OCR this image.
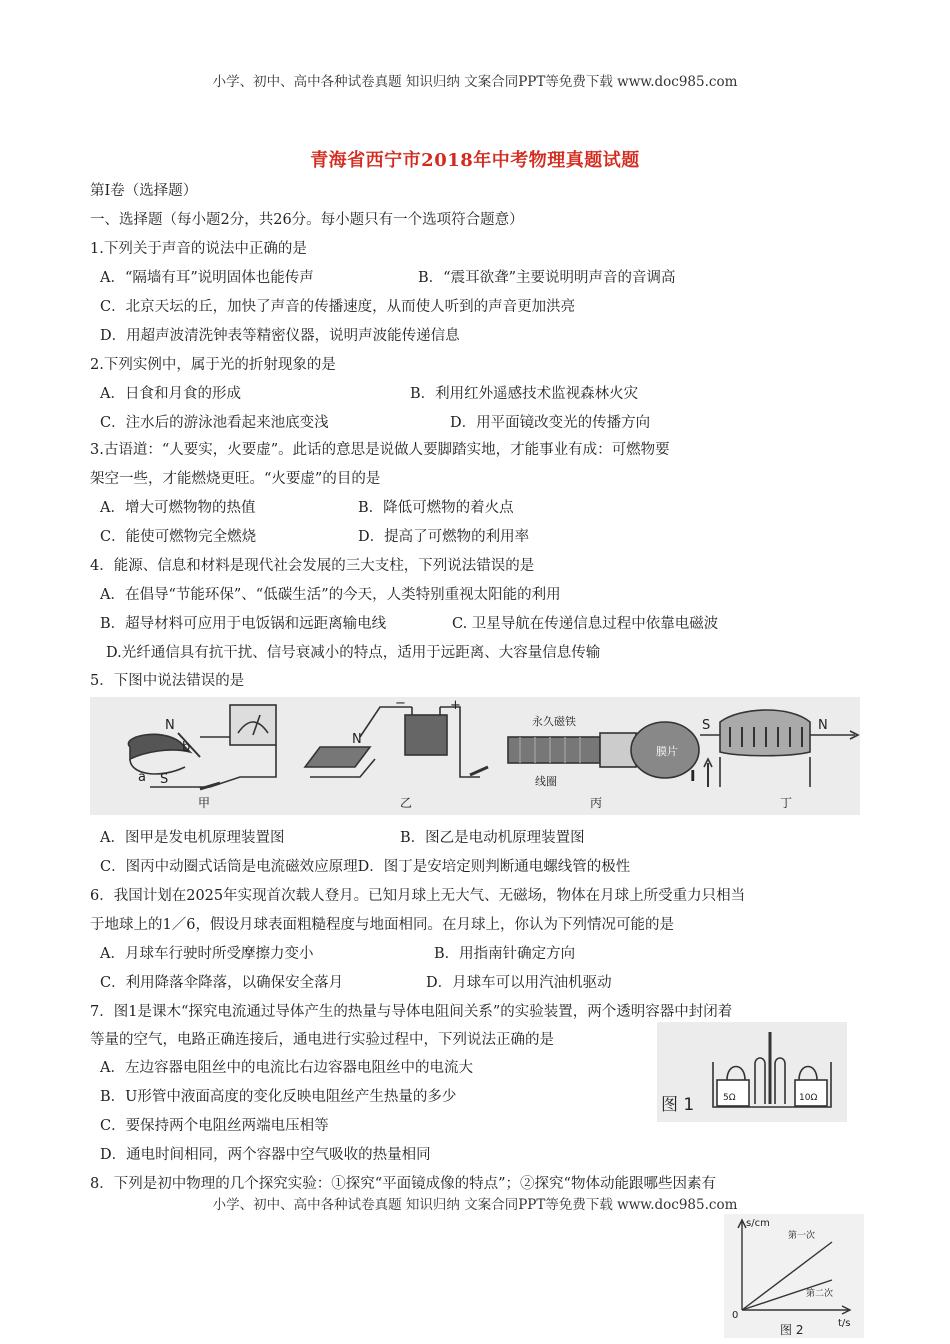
小学、初中、高中各种试卷真题 知识归纳 文案合同PPT等免费下载 www.doc985.com
青海省西宁市2018年中考物理真题试题
第Ⅰ卷（选择题）
一、选择题（每小题2分，共26分。每小题只有一个选项符合题意）
1.下列关于声音的说法中正确的是
A．“隔墙有耳”说明固体也能传声	B．“震耳欲聋”主要说明明声音的音调高
C．北京天坛的丘，加快了声音的传播速度，从而使人听到的声音更加洪亮
D．用超声波清洗钟表等精密仪器，说明声波能传递信息
2.下列实例中，属于光的折射现象的是
A．日食和月食的形成	B．利用红外遥感技术监视森林火灾
C．注水后的游泳池看起来池底变浅	D．用平面镜改变光的传播方向
3.古语道：“人要实，火要虚”。此话的意思是说做人要脚踏实地，才能事业有成：可燃物要
架空一些，才能燃烧更旺。“火要虚”的目的是
A．增大可燃物物的热值	B．降低可燃物的着火点
C．能使可燃物完全燃烧	D．提高了可燃物的利用率
4．能源、信息和材料是现代社会发展的三大支柱，下列说法错误的是
A．在倡导“节能环保”、“低碳生活”的今天，人类特别重视太阳能的利用
B．超导材料可应用于电饭锅和远距离输电线	C. 卫星导航在传递信息过程中依靠电磁波
D.光纤通信具有抗干扰、信号衰减小的特点，适用于远距离、大容量信息传输
5．下图中说法错误的是
N
b
a S
甲
−	+
N
乙
永久磁铁
线圈
膜片
丙
S	N
I
丁
A．图甲是发电机原理装置图	B．图乙是电动机原理装置图
C．图丙中动圈式话筒是电流磁效应原理D．图丁是安培定则判断通电螺线管的极性
6．我国计划在2025年实现首次载人登月。已知月球上无大气、无磁场，物体在月球上所受重力只相当
于地球上的1／6，假设月球表面粗糙程度与地面相同。在月球上，你认为下列情况可能的是
A．月球车行驶时所受摩擦力变小	B．用指南针确定方向
C．利用降落伞降落，以确保安全落月	D．月球车可以用汽油机驱动
7．图1是课木“探究电流通过导体产生的热量与导体电阻间关系”的实验装置，两个透明容器中封闭着
等量的空气，电路正确连接后，通电进行实验过程中，下列说法正确的是
A．左边容器电阻丝中的电流比右边容器电阻丝中的电流大
B．U形管中液面高度的变化反映电阻丝产生热量的多少
C．要保持两个电阻丝两端电压相等
D．通电时间相同，两个容器中空气吸收的热量相同
图 1	5Ω	10Ω
8．下列是初中物理的几个探究实验：①探究“平面镜成像的特点”；②探究“物体动能跟哪些因素有
小学、初中、高中各种试卷真题 知识归纳 文案合同PPT等免费下载 www.doc985.com
s/cm
t/s
第一次
第二次
0
图 2
